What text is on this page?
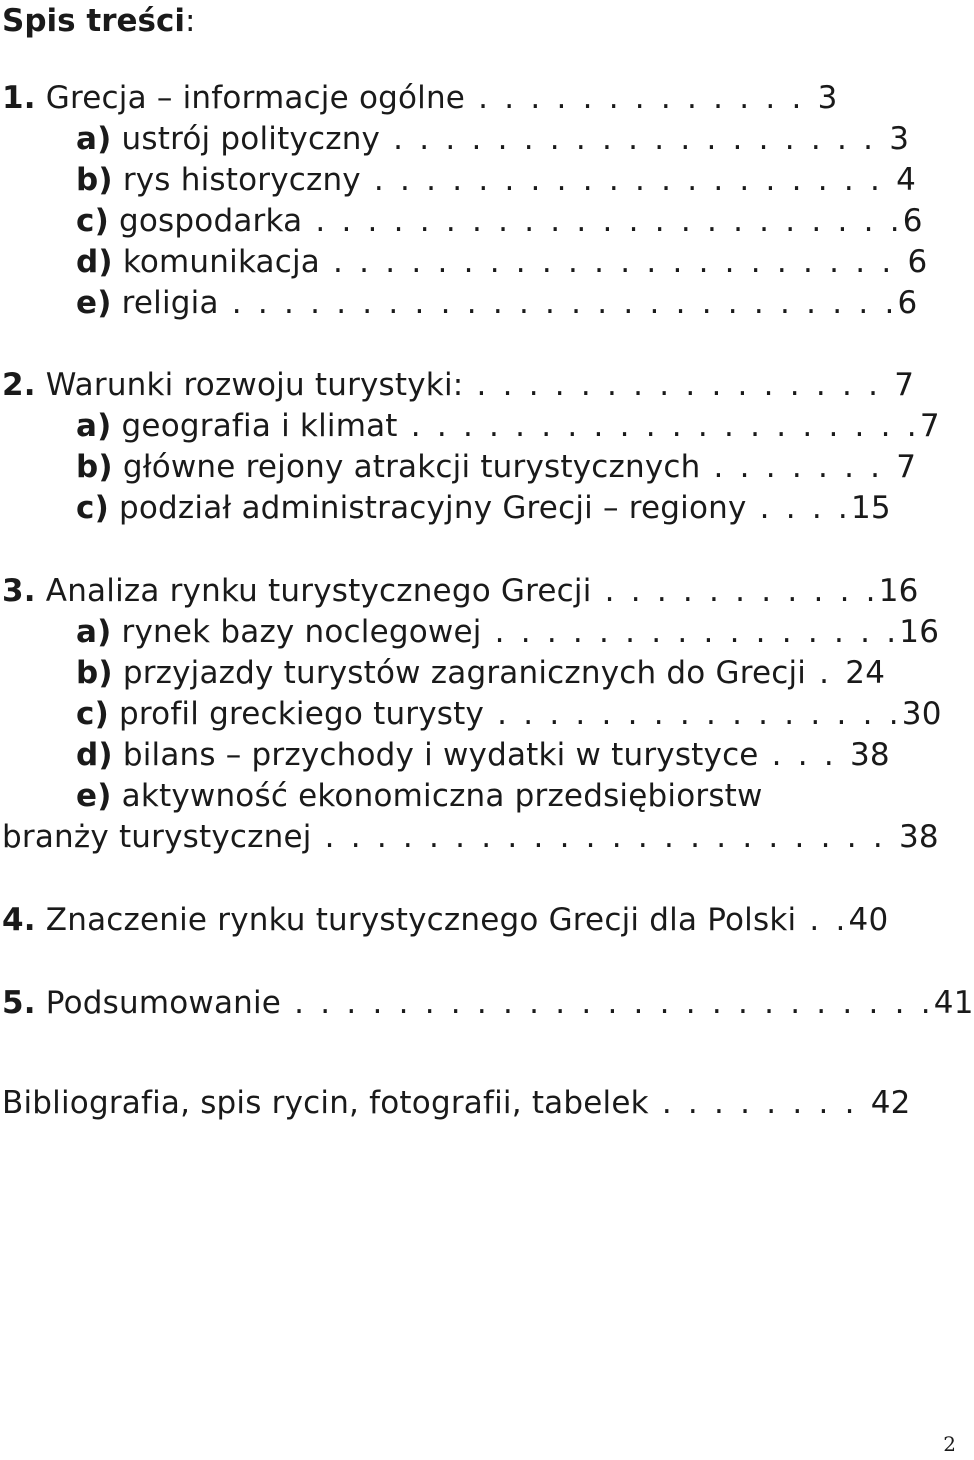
Spis treści:
1. Grecja – informacje ogólne . . . . . . . . . . . . . 3
a) ustrój polityczny . . . . . . . . . . . . . . . . . . . 3
b) rys historyczny . . . . . . . . . . . . . . . . . . . . 4
c) gospodarka . . . . . . . . . . . . . . . . . . . . . . .6
d) komunikacja . . . . . . . . . . . . . . . . . . . . . . 6
e) religia . . . . . . . . . . . . . . . . . . . . . . . . . .6
2. Warunki rozwoju turystyki: . . . . . . . . . . . . . . . . 7
a) geografia i klimat . . . . . . . . . . . . . . . . . . . .7
b) główne rejony atrakcji turystycznych . . . . . . . 7
c) podział administracyjny Grecji – regiony . . . .15
3. Analiza rynku turystycznego Grecji . . . . . . . . . . .16
a) rynek bazy noclegowej . . . . . . . . . . . . . . . .16
b) przyjazdy turystów zagranicznych do Grecji . 24
c) profil greckiego turysty . . . . . . . . . . . . . . . .30
d) bilans – przychody i wydatki w turystyce . . . 38
e) aktywność ekonomiczna przedsiębiorstw
branży turystycznej . . . . . . . . . . . . . . . . . . . . . . 38
4. Znaczenie rynku turystycznego Grecji dla Polski . .40
5. Podsumowanie . . . . . . . . . . . . . . . . . . . . . . . . .41
Bibliografia, spis rycin, fotografii, tabelek . . . . . . . . 42
2
